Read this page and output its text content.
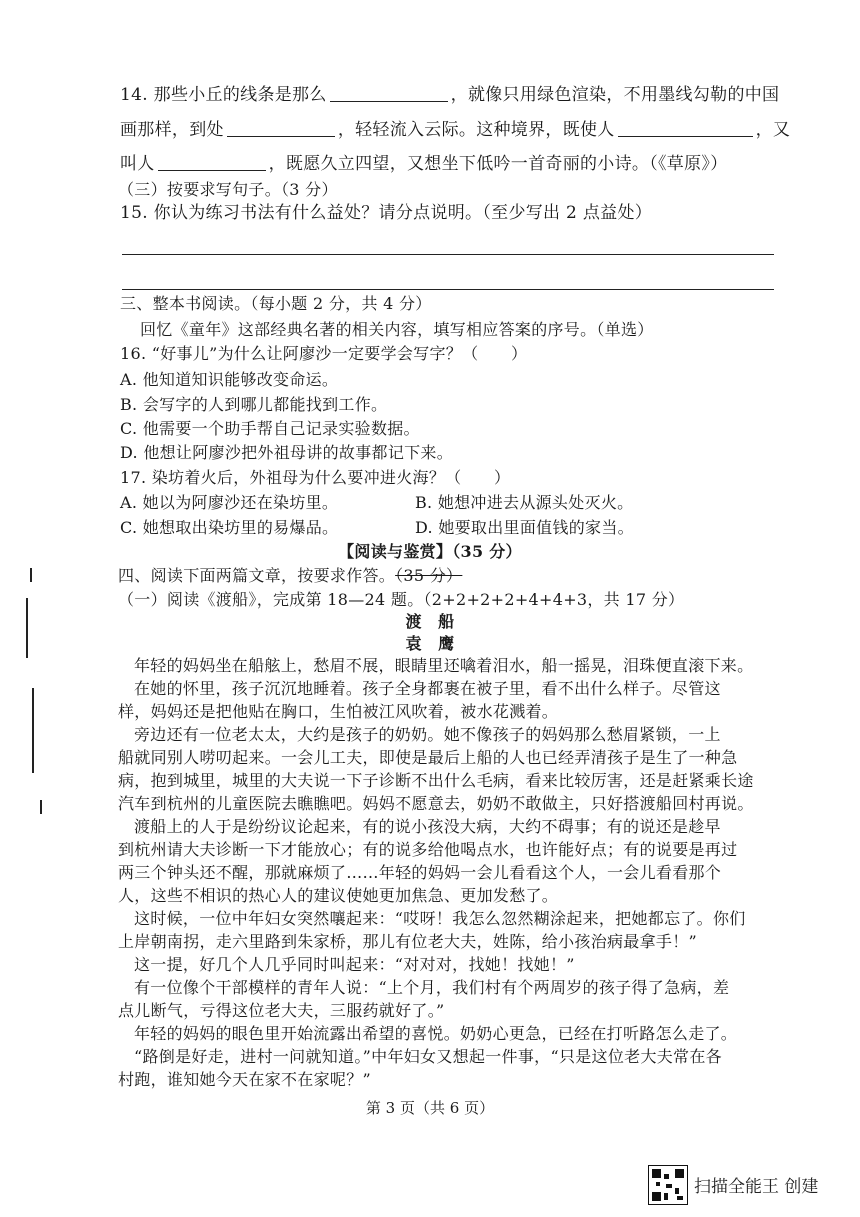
14. 那些小丘的线条是那么	，就像只用绿色渲染，不用墨线勾勒的中国
画那样，到处	，轻轻流入云际。这种境界，既使人	，又
叫人	，既愿久立四望，又想坐下低吟一首奇丽的小诗。（《草原》）
（三）按要求写句子。（3 分）
15. 你认为练习书法有什么益处？请分点说明。（至少写出 2 点益处）
三、整本书阅读。（每小题 2 分，共 4 分）
回忆《童年》这部经典名著的相关内容，填写相应答案的序号。（单选）
16. “好事儿”为什么让阿廖沙一定要学会写字？（　　）
A. 他知道知识能够改变命运。
B. 会写字的人到哪儿都能找到工作。
C. 他需要一个助手帮自己记录实验数据。
D. 他想让阿廖沙把外祖母讲的故事都记下来。
17. 染坊着火后，外祖母为什么要冲进火海？（　　）
A. 她以为阿廖沙还在染坊里。	B. 她想冲进去从源头处灭火。
C. 她想取出染坊里的易爆品。	D. 她要取出里面值钱的家当。
【阅读与鉴赏】（35 分）
四、阅读下面两篇文章，按要求作答。（35 分）
（一）阅读《渡船》，完成第 18—24 题。（2+2+2+2+4+4+3，共 17 分）
渡　船
袁　鹰
年轻的妈妈坐在船舷上，愁眉不展，眼睛里还噙着泪水，船一摇晃，泪珠便直滚下来。
在她的怀里，孩子沉沉地睡着。孩子全身都裹在被子里，看不出什么样子。尽管这
样，妈妈还是把他贴在胸口，生怕被江风吹着，被水花溅着。
旁边还有一位老太太，大约是孩子的奶奶。她不像孩子的妈妈那么愁眉紧锁，一上
船就同别人唠叨起来。一会儿工夫，即使是最后上船的人也已经弄清孩子是生了一种急
病，抱到城里，城里的大夫说一下子诊断不出什么毛病，看来比较厉害，还是赶紧乘长途
汽车到杭州的儿童医院去瞧瞧吧。妈妈不愿意去，奶奶不敢做主，只好搭渡船回村再说。
渡船上的人于是纷纷议论起来，有的说小孩没大病，大约不碍事；有的说还是趁早
到杭州请大夫诊断一下才能放心；有的说多给他喝点水，也许能好点；有的说要是再过
两三个钟头还不醒，那就麻烦了……年轻的妈妈一会儿看看这个人，一会儿看看那个
人，这些不相识的热心人的建议使她更加焦急、更加发愁了。
这时候，一位中年妇女突然嚷起来：“哎呀！我怎么忽然糊涂起来，把她都忘了。你们
上岸朝南拐，走六里路到朱家桥，那儿有位老大夫，姓陈，给小孩治病最拿手！”
这一提，好几个人几乎同时叫起来：“对对对，找她！找她！”
有一位像个干部模样的青年人说：“上个月，我们村有个两周岁的孩子得了急病，差
点儿断气，亏得这位老大夫，三服药就好了。”
年轻的妈妈的眼色里开始流露出希望的喜悦。奶奶心更急，已经在打听路怎么走了。
“路倒是好走，进村一问就知道。”中年妇女又想起一件事，“只是这位老大夫常在各
村跑，谁知她今天在家不在家呢？”
第 3 页（共 6 页）
扫描全能王 创建
